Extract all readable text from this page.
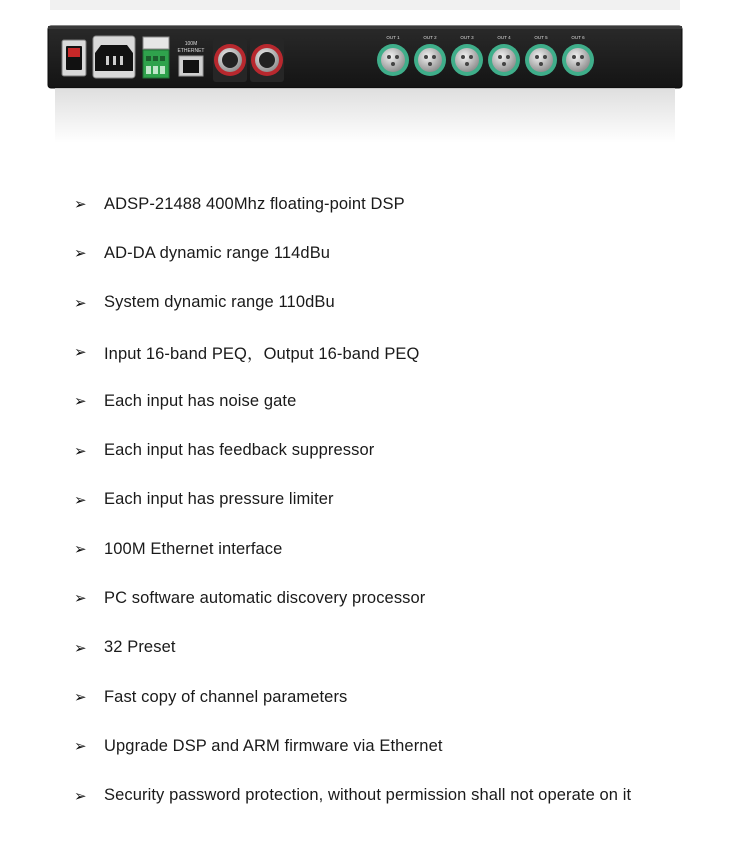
100M
ETHERNET
OUT 1	OUT 2	OUT 3	OUT 4	OUT 5	OUT 6
➢	ADSP-21488 400Mhz floating-point DSP
➢	AD-DA dynamic range 114dBu
➢	System dynamic range 110dBu
➢	Input 16-band PEQ，Output 16-band PEQ
➢	Each input has noise gate
➢	Each input has feedback suppressor
➢	Each input has pressure limiter
➢	100M Ethernet interface
➢	PC software automatic discovery processor
➢	32 Preset
➢	Fast copy of channel parameters
➢	Upgrade DSP and ARM firmware via Ethernet
➢	Security password protection, without permission shall not operate on it
